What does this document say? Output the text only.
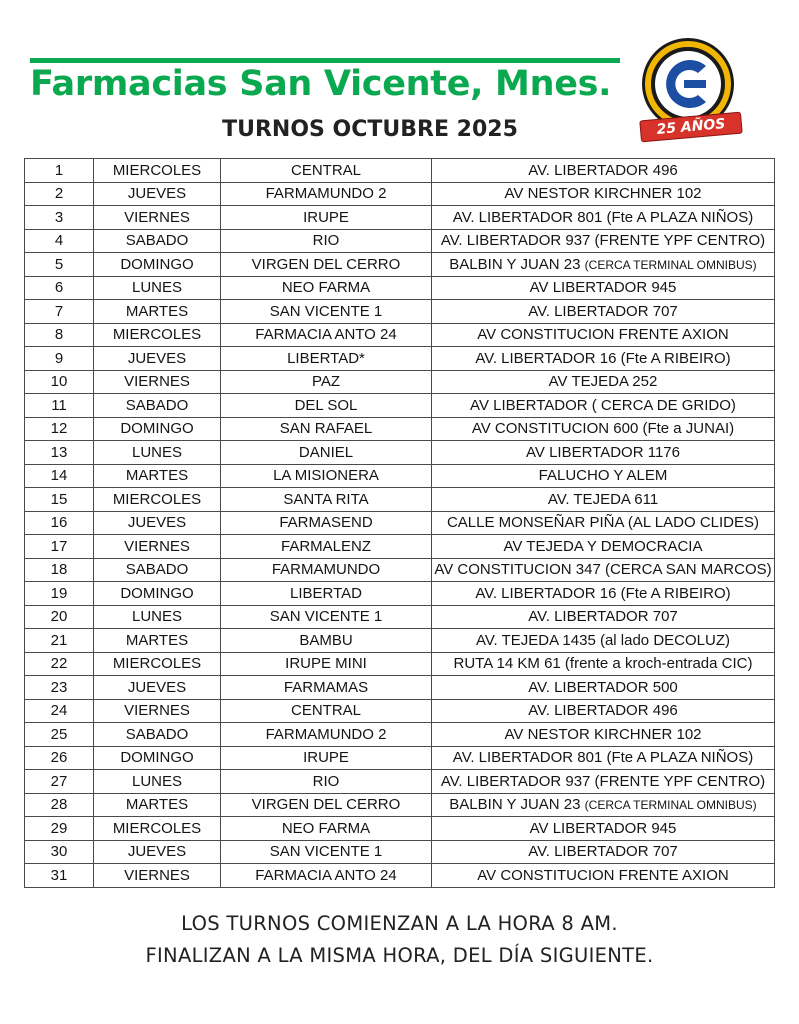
Farmacias San Vicente, Mnes.
TURNOS OCTUBRE 2025	25 AÑOS
1	MIERCOLES	CENTRAL	AV. LIBERTADOR 496
2	JUEVES	FARMAMUNDO 2	AV NESTOR KIRCHNER 102
3	VIERNES	IRUPE	AV. LIBERTADOR 801 (Fte A PLAZA NIÑOS)
4	SABADO	RIO	AV. LIBERTADOR 937 (FRENTE YPF CENTRO)
5	DOMINGO	VIRGEN DEL CERRO	BALBIN Y JUAN 23 (CERCA TERMINAL OMNIBUS)
6	LUNES	NEO FARMA	AV LIBERTADOR 945
7	MARTES	SAN VICENTE 1	AV. LIBERTADOR 707
8	MIERCOLES	FARMACIA ANTO 24	AV CONSTITUCION FRENTE AXION
9	JUEVES	LIBERTAD*	AV. LIBERTADOR 16 (Fte A RIBEIRO)
10	VIERNES	PAZ	AV TEJEDA 252
11	SABADO	DEL SOL	AV LIBERTADOR ( CERCA DE GRIDO)
12	DOMINGO	SAN RAFAEL	AV CONSTITUCION 600 (Fte a JUNAI)
13	LUNES	DANIEL	AV LIBERTADOR 1176
14	MARTES	LA MISIONERA	FALUCHO Y ALEM
15	MIERCOLES	SANTA RITA	AV. TEJEDA 611
16	JUEVES	FARMASEND	CALLE MONSEÑAR PIÑA (AL LADO CLIDES)
17	VIERNES	FARMALENZ	AV TEJEDA Y DEMOCRACIA
18	SABADO	FARMAMUNDO	AV CONSTITUCION 347 (CERCA SAN MARCOS)
19	DOMINGO	LIBERTAD	AV. LIBERTADOR 16 (Fte A RIBEIRO)
20	LUNES	SAN VICENTE 1	AV. LIBERTADOR 707
21	MARTES	BAMBU	AV. TEJEDA 1435 (al lado DECOLUZ)
22	MIERCOLES	IRUPE MINI	RUTA 14 KM 61 (frente a kroch-entrada CIC)
23	JUEVES	FARMAMAS	AV. LIBERTADOR 500
24	VIERNES	CENTRAL	AV. LIBERTADOR 496
25	SABADO	FARMAMUNDO 2	AV NESTOR KIRCHNER 102
26	DOMINGO	IRUPE	AV. LIBERTADOR 801 (Fte A PLAZA NIÑOS)
27	LUNES	RIO	AV. LIBERTADOR 937 (FRENTE YPF CENTRO)
28	MARTES	VIRGEN DEL CERRO	BALBIN Y JUAN 23 (CERCA TERMINAL OMNIBUS)
29	MIERCOLES	NEO FARMA	AV LIBERTADOR 945
30	JUEVES	SAN VICENTE 1	AV. LIBERTADOR 707
31	VIERNES	FARMACIA ANTO 24	AV CONSTITUCION FRENTE AXION
LOS TURNOS COMIENZAN A LA HORA 8 AM.
FINALIZAN A LA MISMA HORA, DEL DÍA SIGUIENTE.
